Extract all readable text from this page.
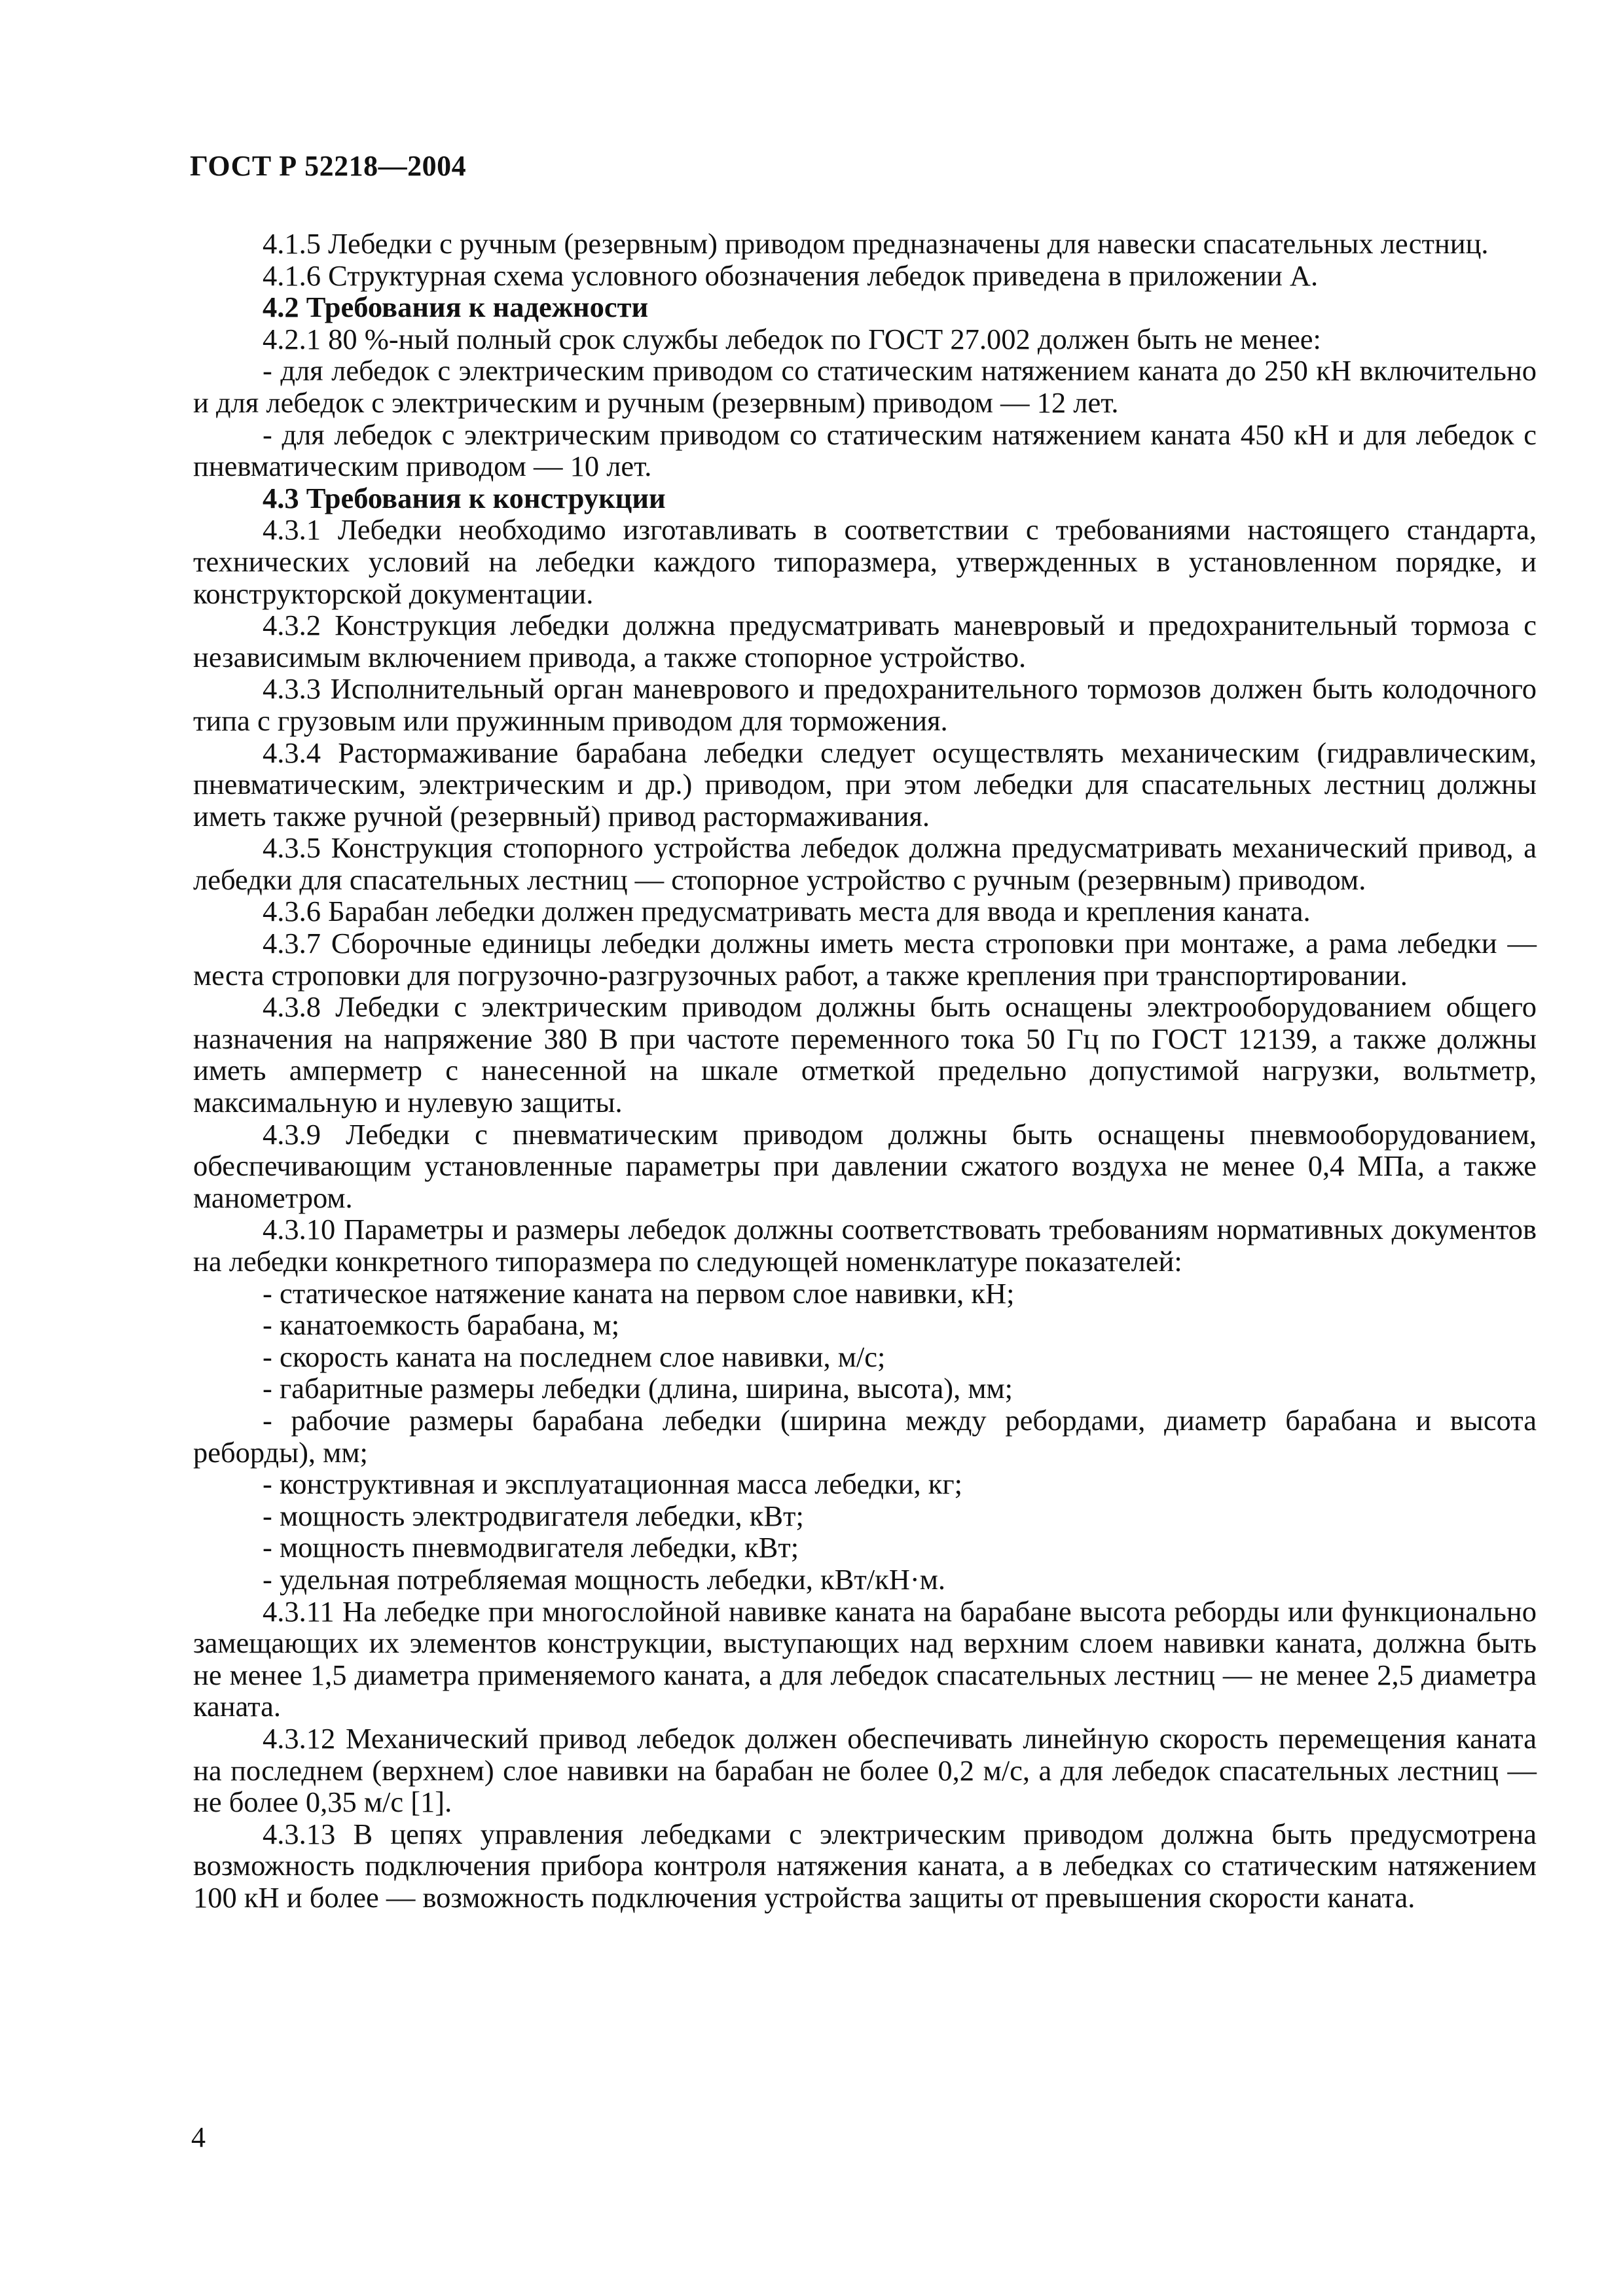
ГОСТ Р 52218—2004

4.1.5 Лебедки с ручным (резервным) приводом предназначены для навески спасательных лестниц.

4.1.6 Структурная схема условного обозначения лебедок приведена в приложении А.

4.2 Требования к надежности

4.2.1 80 %-ный полный срок службы лебедок по ГОСТ 27.002 должен быть не менее:

- для лебедок с электрическим приводом со статическим натяжением каната до 250 кН включительно и для лебедок с электрическим и ручным (резервным) приводом — 12 лет.

- для лебедок с электрическим приводом со статическим натяжением каната 450 кН и для лебедок с пневматическим приводом — 10 лет.

4.3 Требования к конструкции

4.3.1 Лебедки необходимо изготавливать в соответствии с требованиями настоящего стандарта, технических условий на лебедки каждого типоразмера, утвержденных в установленном порядке, и конструкторской документации.

4.3.2 Конструкция лебедки должна предусматривать маневровый и предохранительный тормоза с независимым включением привода, а также стопорное устройство.

4.3.3 Исполнительный орган маневрового и предохранительного тормозов должен быть колодочного типа с грузовым или пружинным приводом для торможения.

4.3.4 Растормаживание барабана лебедки следует осуществлять механическим (гидравлическим, пневматическим, электрическим и др.) приводом, при этом лебедки для спасательных лестниц должны иметь также ручной (резервный) привод растормаживания.

4.3.5 Конструкция стопорного устройства лебедок должна предусматривать механический привод, а лебедки для спасательных лестниц — стопорное устройство с ручным (резервным) приводом.

4.3.6 Барабан лебедки должен предусматривать места для ввода и крепления каната.

4.3.7 Сборочные единицы лебедки должны иметь места строповки при монтаже, а рама лебедки — места строповки для погрузочно-разгрузочных работ, а также крепления при транспортировании.

4.3.8 Лебедки с электрическим приводом должны быть оснащены электрооборудованием общего назначения на напряжение 380 В при частоте переменного тока 50 Гц по ГОСТ 12139, а также должны иметь амперметр с нанесенной на шкале отметкой предельно допустимой нагрузки, вольтметр, максимальную и нулевую защиты.

4.3.9 Лебедки с пневматическим приводом должны быть оснащены пневмооборудованием, обеспечивающим установленные параметры при давлении сжатого воздуха не менее 0,4 МПа, а также манометром.

4.3.10 Параметры и размеры лебедок должны соответствовать требованиям нормативных документов на лебедки конкретного типоразмера по следующей номенклатуре показателей:

- статическое натяжение каната на первом слое навивки, кН;

- канатоемкость барабана, м;

- скорость каната на последнем слое навивки, м/с;

- габаритные размеры лебедки (длина, ширина, высота), мм;

- рабочие размеры барабана лебедки (ширина между ребордами, диаметр барабана и высота реборды), мм;

- конструктивная и эксплуатационная масса лебедки, кг;

- мощность электродвигателя лебедки, кВт;

- мощность пневмодвигателя лебедки, кВт;

- удельная потребляемая мощность лебедки, кВт/кН·м.

4.3.11 На лебедке при многослойной навивке каната на барабане высота реборды или функционально замещающих их элементов конструкции, выступающих над верхним слоем навивки каната, должна быть не менее 1,5 диаметра применяемого каната, а для лебедок спасательных лестниц — не менее 2,5 диаметра каната.

4.3.12 Механический привод лебедок должен обеспечивать линейную скорость перемещения каната на последнем (верхнем) слое навивки на барабан не более 0,2 м/с, а для лебедок спасательных лестниц — не более 0,35 м/с [1].

4.3.13 В цепях управления лебедками с электрическим приводом должна быть предусмотрена возможность подключения прибора контроля натяжения каната, а в лебедках со статическим натяжением 100 кН и более — возможность подключения устройства защиты от превышения скорости каната.

4
